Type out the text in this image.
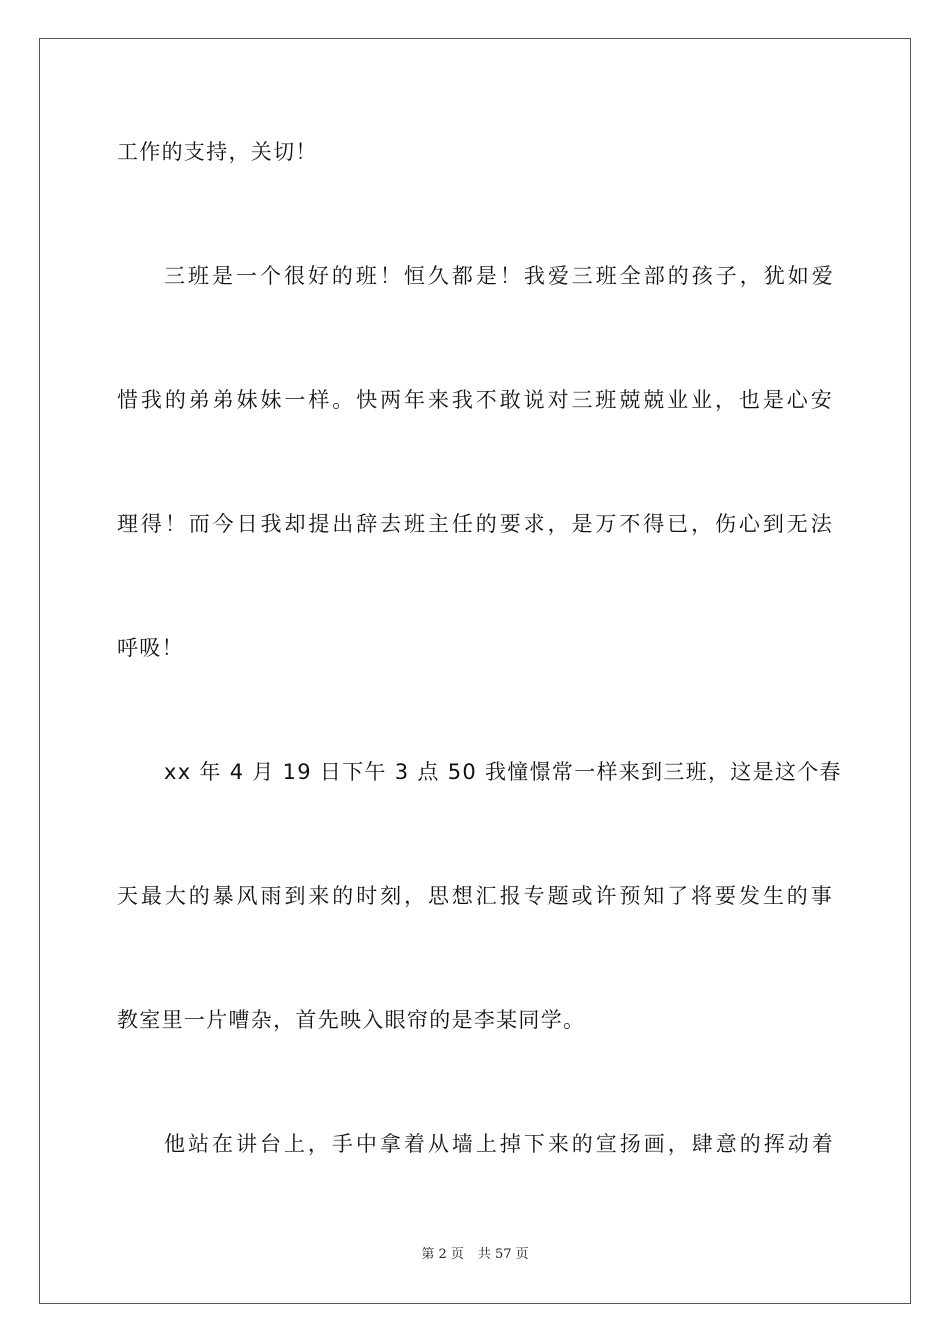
工作的支持，关切！
三班是一个很好的班！恒久都是！我爱三班全部的孩子，犹如爱
惜我的弟弟妹妹一样。快两年来我不敢说对三班兢兢业业，也是心安
理得！而今日我却提出辞去班主任的要求，是万不得已，伤心到无法
呼吸！
xx 年 4 月 19 日下午 3 点 50 我憧憬常一样来到三班，这是这个春
天最大的暴风雨到来的时刻，思想汇报专题或许预知了将要发生的事
教室里一片嘈杂，首先映入眼帘的是李某同学。
他站在讲台上，手中拿着从墙上掉下来的宣扬画，肆意的挥动着
第 2 页 共 57 页
